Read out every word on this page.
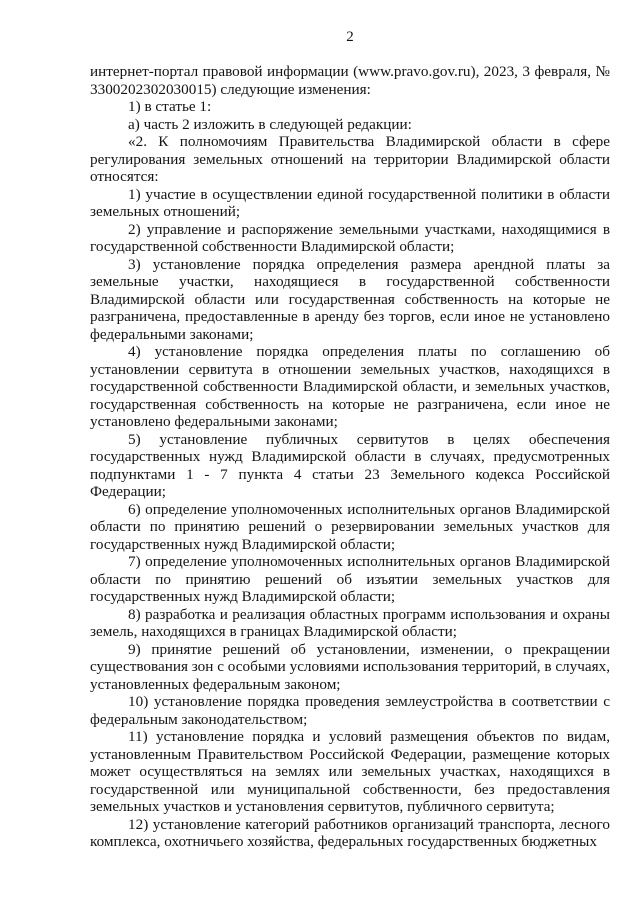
2

интернет-портал правовой информации (www.pravo.gov.ru), 2023, 3 февраля, № 3300202302030015) следующие изменения:

1) в статье 1:

а) часть 2 изложить в следующей редакции:

«2. К полномочиям Правительства Владимирской области в сфере регулирования земельных отношений на территории Владимирской области относятся:

1) участие в осуществлении единой государственной политики в области земельных отношений;

2) управление и распоряжение земельными участками, находящимися в государственной собственности Владимирской области;

3) установление порядка определения размера арендной платы за земельные участки, находящиеся в государственной собственности Владимирской области или государственная собственность на которые не разграничена, предоставленные в аренду без торгов, если иное не установлено федеральными законами;

4) установление порядка определения платы по соглашению об установлении сервитута в отношении земельных участков, находящихся в государственной собственности Владимирской области, и земельных участков, государственная собственность на которые не разграничена, если иное не установлено федеральными законами;

5) установление публичных сервитутов в целях обеспечения государственных нужд Владимирской области в случаях, предусмотренных подпунктами 1 - 7 пункта 4 статьи 23 Земельного кодекса Российской Федерации;

6) определение уполномоченных исполнительных органов Владимирской области по принятию решений о резервировании земельных участков для государственных нужд Владимирской области;

7) определение уполномоченных исполнительных органов Владимирской области по принятию решений об изъятии земельных участков для государственных нужд Владимирской области;

8) разработка и реализация областных программ использования и охраны земель, находящихся в границах Владимирской области;

9) принятие решений об установлении, изменении, о прекращении существования зон с особыми условиями использования территорий, в случаях, установленных федеральным законом;

10) установление порядка проведения землеустройства в соответствии с федеральным законодательством;

11) установление порядка и условий размещения объектов по видам, установленным Правительством Российской Федерации, размещение которых может осуществляться на землях или земельных участках, находящихся в государственной или муниципальной собственности, без предоставления земельных участков и установления сервитутов, публичного сервитута;

12) установление категорий работников организаций транспорта, лесного комплекса, охотничьего хозяйства, федеральных государственных бюджетных
